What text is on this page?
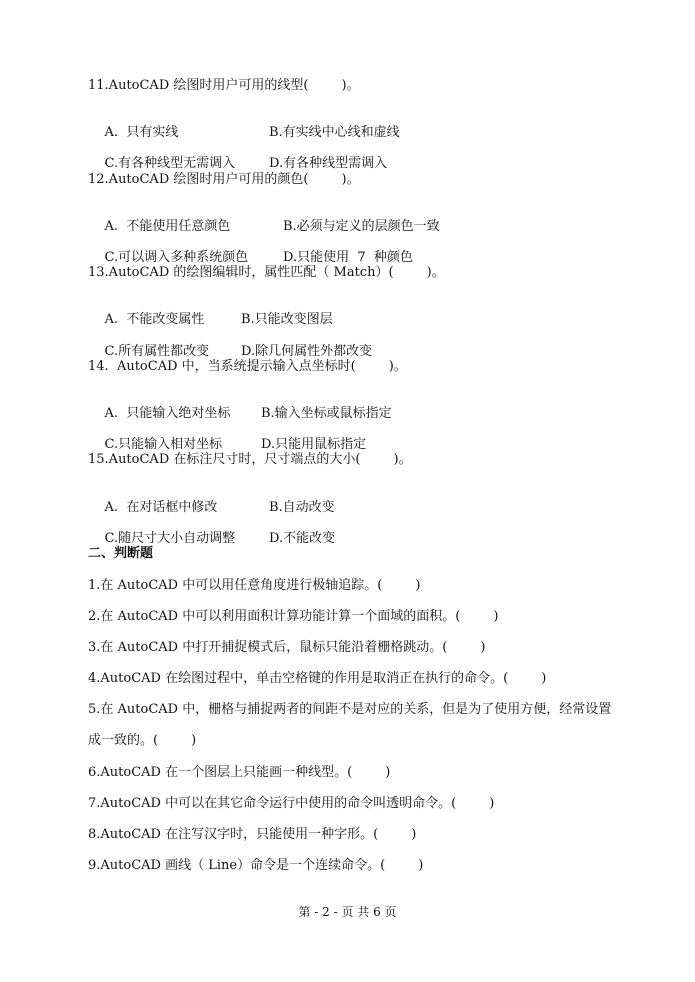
11.AutoCAD 绘图时用户可用的线型(        )。

A.  只有实线	B.有实线中心线和虚线

C.有各种线型无需调入	D.有各种线型需调入

12.AutoCAD 绘图时用户可用的颜色(        )。

A.  不能使用任意颜色	B.必须与定义的层颜色一致

C.可以调入多种系统颜色	D.只能使用  7  种颜色

13.AutoCAD 的绘图编辑时，属性匹配（ Match）(        )。

A.  不能改变属性	B.只能改变图层

C.所有属性都改变 D.除几何属性外都改变

14.  AutoCAD 中，当系统提示输入点坐标时(        )。

A.  只能输入绝对坐标 B.输入坐标或鼠标指定

C.只能输入相对坐标	D.只能用鼠标指定

15.AutoCAD 在标注尺寸时，尺寸端点的大小(        )。

A.  在对话框中修改	B.自动改变

C.随尺寸大小自动调整	D.不能改变

二、判断题
1.在 AutoCAD 中可以用任意角度进行极轴追踪。(        )
2.在 AutoCAD 中可以利用面积计算功能计算一个面域的面积。(        )
3.在 AutoCAD 中打开捕捉模式后，鼠标只能沿着栅格跳动。(        )
4.AutoCAD 在绘图过程中，单击空格键的作用是取消正在执行的命令。(        )
5.在 AutoCAD 中，栅格与捕捉两者的间距不是对应的关系，但是为了使用方便，经常设置
成一致的。(        )
6.AutoCAD 在一个图层上只能画一种线型。(        )
7.AutoCAD 中可以在其它命令运行中使用的命令叫透明命令。(        )
8.AutoCAD 在注写汉字时，只能使用一种字形。(        )
9.AutoCAD 画线（ Line）命令是一个连续命令。(        )
第 - 2 - 页 共 6 页
